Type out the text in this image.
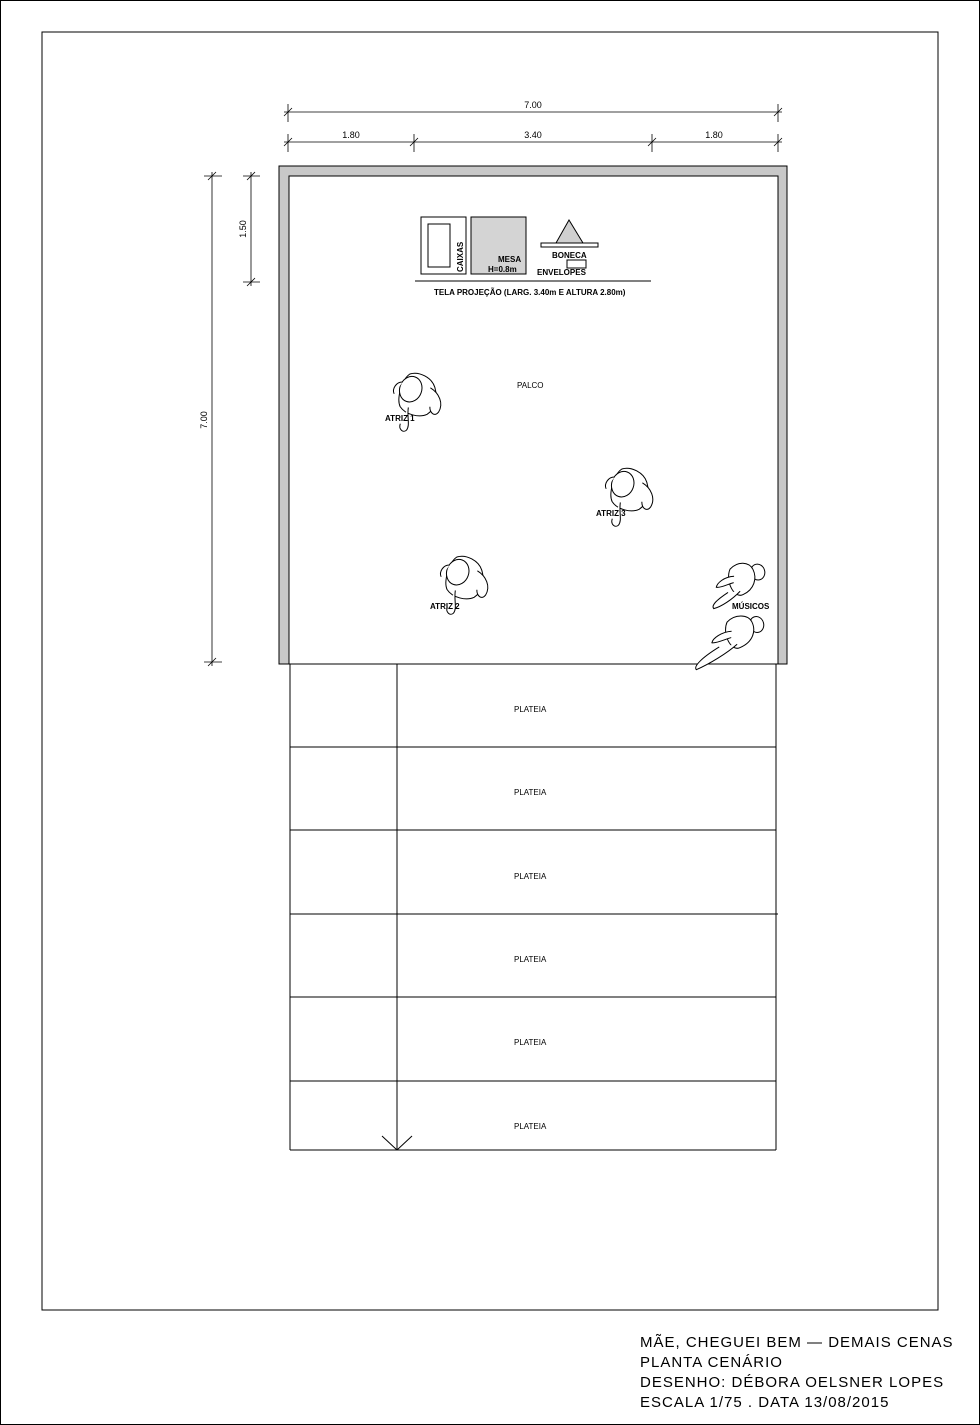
7.00
1.80	3.40	1.80
7.00
1.50
CAIXAS	MESA
H=0.8m
BONECA
ENVELOPES
TELA PROJEÇÃO (LARG. 3.40m E ALTURA 2.80m)
PALCO
ATRIZ 1
ATRIZ 3
ATRIZ 2	MÚSICOS
PLATEIA
PLATEIA
PLATEIA
PLATEIA
PLATEIA
PLATEIA
MÃE, CHEGUEI BEM — DEMAIS CENAS
PLANTA CENÁRIO
DESENHO: DÉBORA OELSNER LOPES
ESCALA 1/75 . DATA 13/08/2015
